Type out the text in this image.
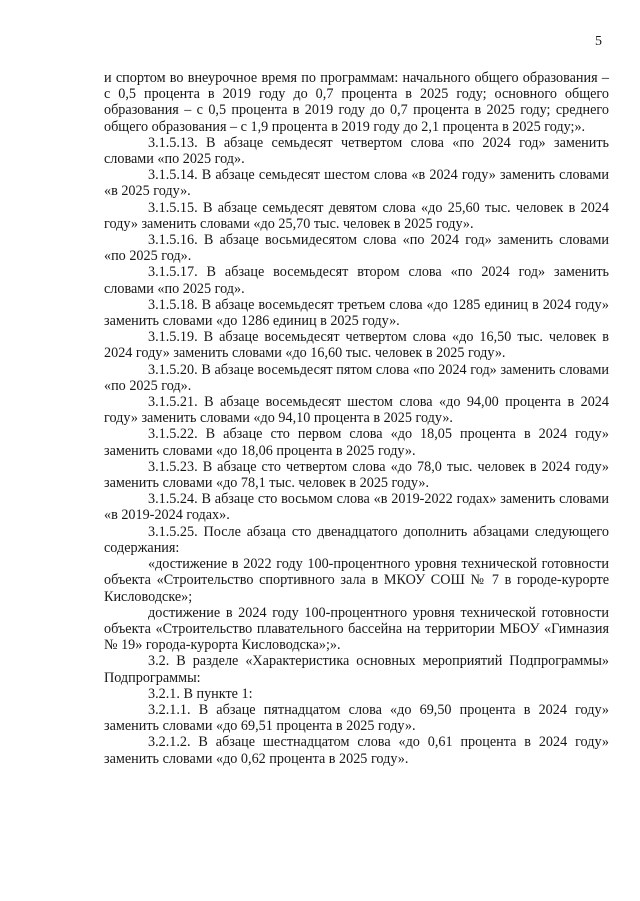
5

и спортом во внеурочное время по программам: начального общего образования – с 0,5 процента в 2019 году до 0,7 процента в 2025 году; основного общего образования – с 0,5 процента в 2019 году до 0,7 процента в 2025 году; среднего общего образования – с 1,9 процента в 2019 году до 2,1 процента в 2025 году;».

3.1.5.13. В абзаце семьдесят четвертом слова «по 2024 год» заменить словами «по 2025 год».

3.1.5.14. В абзаце семьдесят шестом слова «в 2024 году» заменить словами «в 2025 году».

3.1.5.15. В абзаце семьдесят девятом слова «до 25,60 тыс. человек в 2024 году» заменить словами «до 25,70 тыс. человек в 2025 году».

3.1.5.16. В абзаце восьмидесятом слова «по 2024 год» заменить словами «по 2025 год».

3.1.5.17. В абзаце восемьдесят втором слова «по 2024 год» заменить словами «по 2025 год».

3.1.5.18. В абзаце восемьдесят третьем слова «до 1285 единиц в 2024 году» заменить словами «до 1286 единиц в 2025 году».

3.1.5.19. В абзаце восемьдесят четвертом слова «до 16,50 тыс. человек в 2024 году» заменить словами «до 16,60 тыс. человек в 2025 году».

3.1.5.20. В абзаце восемьдесят пятом слова «по 2024 год» заменить словами «по 2025 год».

3.1.5.21. В абзаце восемьдесят шестом слова «до 94,00 процента в 2024 году» заменить словами «до 94,10 процента в 2025 году».

3.1.5.22. В абзаце сто первом слова «до 18,05 процента в 2024 году» заменить словами «до 18,06 процента в 2025 году».

3.1.5.23. В абзаце сто четвертом слова «до 78,0 тыс. человек в 2024 году» заменить словами «до 78,1 тыс. человек в 2025 году».

3.1.5.24. В абзаце сто восьмом слова «в 2019-2022 годах» заменить словами «в 2019-2024 годах».

3.1.5.25. После абзаца сто двенадцатого дополнить абзацами следующего содержания:

«достижение в 2022 году 100-процентного уровня технической готовности объекта «Строительство спортивного зала в МКОУ СОШ № 7 в городе-курорте Кисловодске»;

достижение в 2024 году 100-процентного уровня технической готовности объекта «Строительство плавательного бассейна на территории МБОУ «Гимназия № 19» города-курорта Кисловодска»;».

3.2. В разделе «Характеристика основных мероприятий Подпрограммы» Подпрограммы:

3.2.1. В пункте 1:

3.2.1.1. В абзаце пятнадцатом слова «до 69,50 процента в 2024 году» заменить словами «до 69,51 процента в 2025 году».

3.2.1.2. В абзаце шестнадцатом слова «до 0,61 процента в 2024 году» заменить словами «до 0,62 процента в 2025 году».
